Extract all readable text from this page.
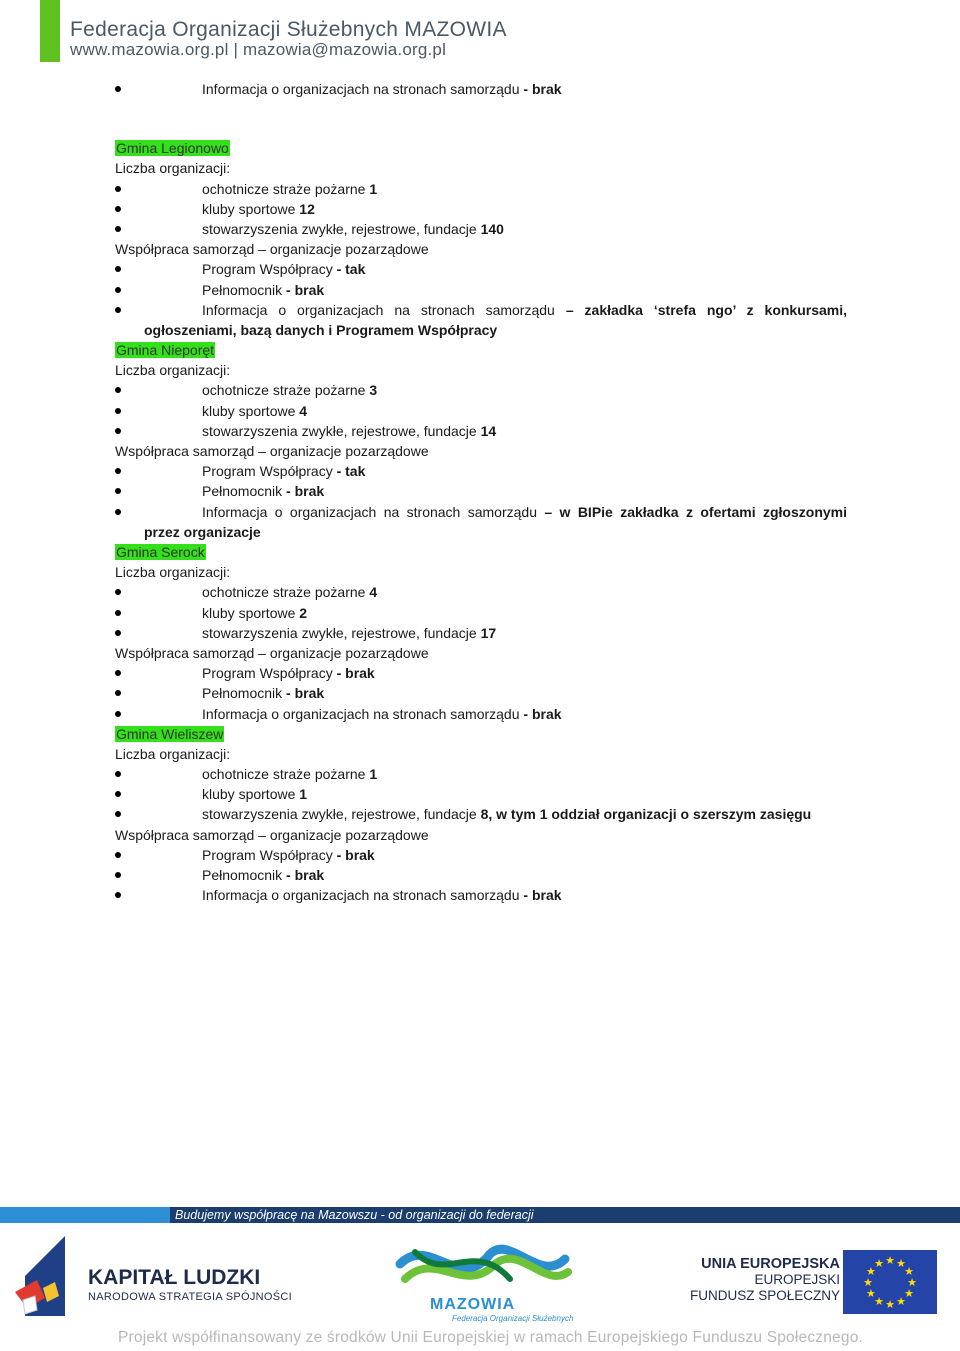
Federacja Organizacji Służebnych MAZOWIA
www.mazowia.org.pl | mazowia@mazowia.org.pl
Informacja o organizacjach na stronach samorządu - brak
Gmina Legionowo
Liczba organizacji:
ochotnicze straże pożarne 1
kluby sportowe 12
stowarzyszenia zwykłe, rejestrowe, fundacje 140
Współpraca samorząd – organizacje pozarządowe
Program Współpracy - tak
Pełnomocnik - brak
Informacja o organizacjach na stronach samorządu – zakładka ‘strefa ngo’ z konkursami,
ogłoszeniami, bazą danych i Programem Współpracy
Gmina Nieporęt
Liczba organizacji:
ochotnicze straże pożarne 3
kluby sportowe 4
stowarzyszenia zwykłe, rejestrowe, fundacje 14
Współpraca samorząd – organizacje pozarządowe
Program Współpracy - tak
Pełnomocnik - brak
Informacja o organizacjach na stronach samorządu – w BIPie zakładka z ofertami zgłoszonymi
przez organizacje
Gmina Serock
Liczba organizacji:
ochotnicze straże pożarne 4
kluby sportowe 2
stowarzyszenia zwykłe, rejestrowe, fundacje 17
Współpraca samorząd – organizacje pozarządowe
Program Współpracy - brak
Pełnomocnik - brak
Informacja o organizacjach na stronach samorządu - brak
Gmina Wieliszew
Liczba organizacji:
ochotnicze straże pożarne 1
kluby sportowe 1
stowarzyszenia zwykłe, rejestrowe, fundacje 8, w tym 1 oddział organizacji o szerszym zasięgu
Współpraca samorząd – organizacje pozarządowe
Program Współpracy - brak
Pełnomocnik - brak
Informacja o organizacjach na stronach samorządu - brak
Budujemy współpracę na Mazowszu - od organizacji do federacji
KAPITAŁ LUDZKI
NARODOWA STRATEGIA SPÓJNOŚCI	MAZOWIA
Federacja Organizacji Służebnych
UNIA EUROPEJSKA
EUROPEJSKI
FUNDUSZ SPOŁECZNY
★
★
★
★
★
★
★
★
★ ★ ★
★
Projekt współfinansowany ze środków Unii Europejskiej w ramach Europejskiego Funduszu Społecznego.
